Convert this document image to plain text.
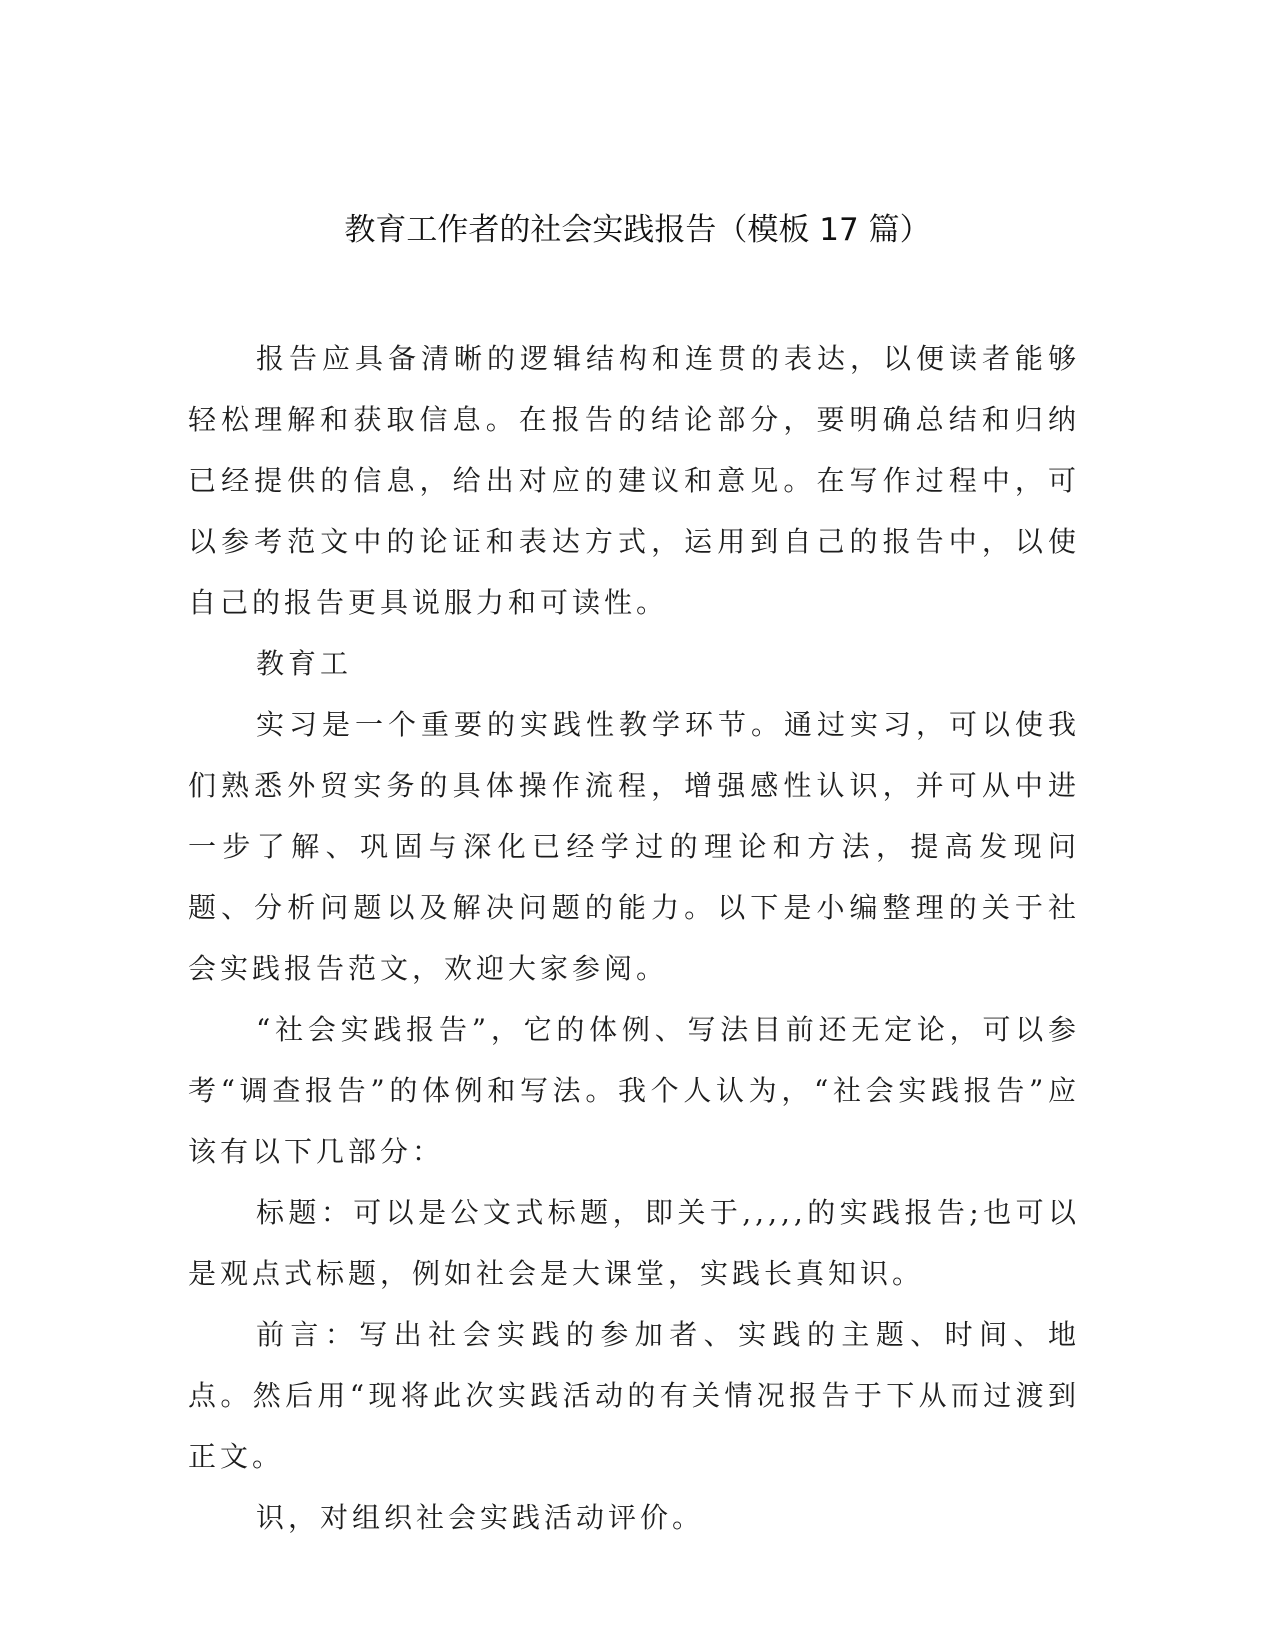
教育工作者的社会实践报告（模板 17 篇）

报告应具备清晰的逻辑结构和连贯的表达，以便读者能够轻松理解和获取信息。在报告的结论部分，要明确总结和归纳已经提供的信息，给出对应的建议和意见。在写作过程中，可以参考范文中的论证和表达方式，运用到自己的报告中，以使自己的报告更具说服力和可读性。

教育工

实习是一个重要的实践性教学环节。通过实习，可以使我们熟悉外贸实务的具体操作流程，增强感性认识，并可从中进一步了解、巩固与深化已经学过的理论和方法，提高发现问题、分析问题以及解决问题的能力。以下是小编整理的关于社会实践报告范文，欢迎大家参阅。

“社会实践报告”，它的体例、写法目前还无定论，可以参考“调查报告”的体例和写法。我个人认为，“社会实践报告”应该有以下几部分：

标题：可以是公文式标题，即关于,,,,,的实践报告;也可以是观点式标题，例如社会是大课堂，实践长真知识。

前言：写出社会实践的参加者、实践的主题、时间、地点。然后用“现将此次实践活动的有关情况报告于下从而过渡到正文。

识，对组织社会实践活动评价。
